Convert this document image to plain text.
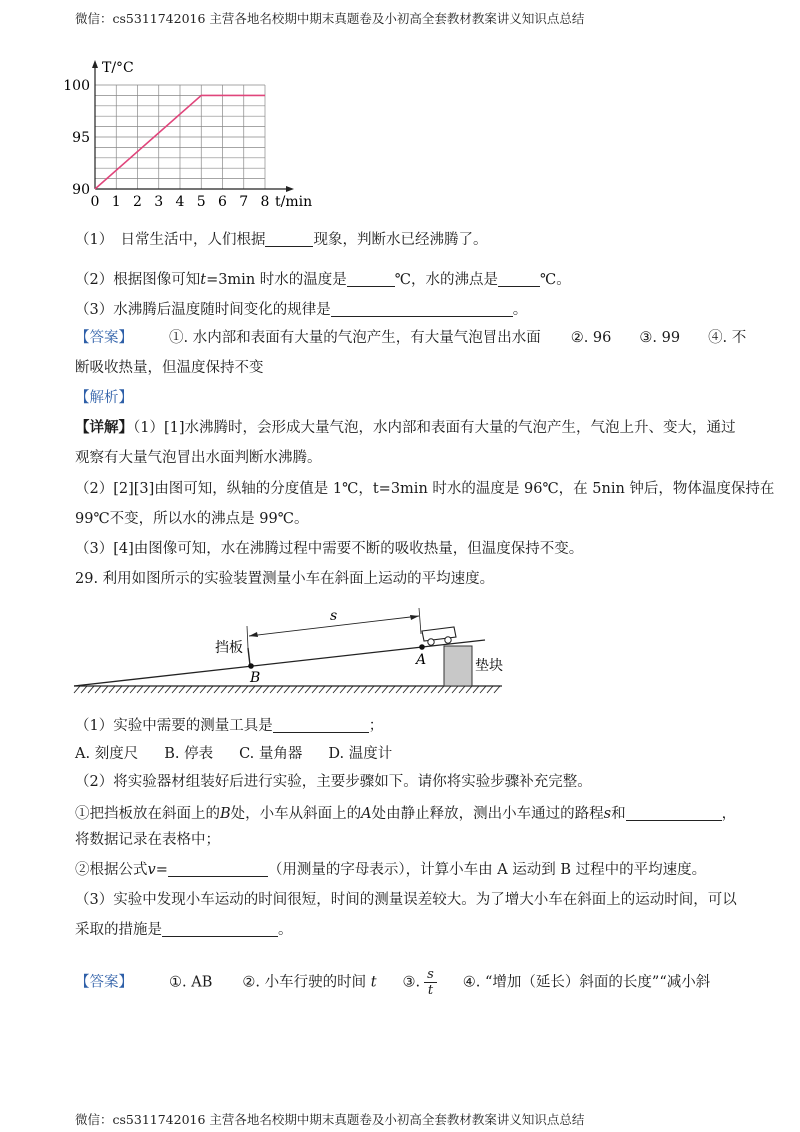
微信：cs5311742016 主营各地名校期中期末真题卷及小初高全套教材教案讲义知识点总结
T/°C
90
95
100
0 1 2 3 4 5 6 7 8 t/min
（1）　日常生活中，人们根据	现象，判断水已经沸腾了。
（2）根据图像可知t=3min 时水的温度是	℃，水的沸点是	℃。
（3）水沸腾后温度随时间变化的规律是	。
【答案】 ①. 水内部和表面有大量的气泡产生，有大量气泡冒出水面 ②. 96 ③. 99 ④. 不
断吸收热量，但温度保持不变
【解析】
【详解】（1）[1]水沸腾时，会形成大量气泡，水内部和表面有大量的气泡产生，气泡上升、变大，通过
观察有大量气泡冒出水面判断水沸腾。
（2）[2][3]由图可知，纵轴的分度值是 1℃，t=3min 时水的温度是 96℃，在 5nin 钟后，物体温度保持在
99℃不变，所以水的沸点是 99℃。
（3）[4]由图像可知，水在沸腾过程中需要不断的吸收热量，但温度保持不变。
29. 利用如图所示的实验装置测量小车在斜面上运动的平均速度。
s
挡板
A
B
垫块
（1）实验中需要的测量工具是	；
A. 刻度尺 B. 停表 C. 量角器 D. 温度计
（2）将实验器材组装好后进行实验，主要步骤如下。请你将实验步骤补充完整。
①把挡板放在斜面上的B处，小车从斜面上的A处由静止释放，测出小车通过的路程s和	，
将数据记录在表格中；
②根据公式v=	（用测量的字母表示），计算小车由 A 运动到 B 过程中的平均速度。
（3）实验中发现小车运动的时间很短，时间的测量误差较大。为了增大小车在斜面上的运动时间，可以
采取的措施是	。
【答案】 ①. AB ②. 小车行驶的时间 t ③. $\frac{s}{t}$ ④. “增加（延长）斜面的长度”“减小斜
微信：cs5311742016 主营各地名校期中期末真题卷及小初高全套教材教案讲义知识点总结
